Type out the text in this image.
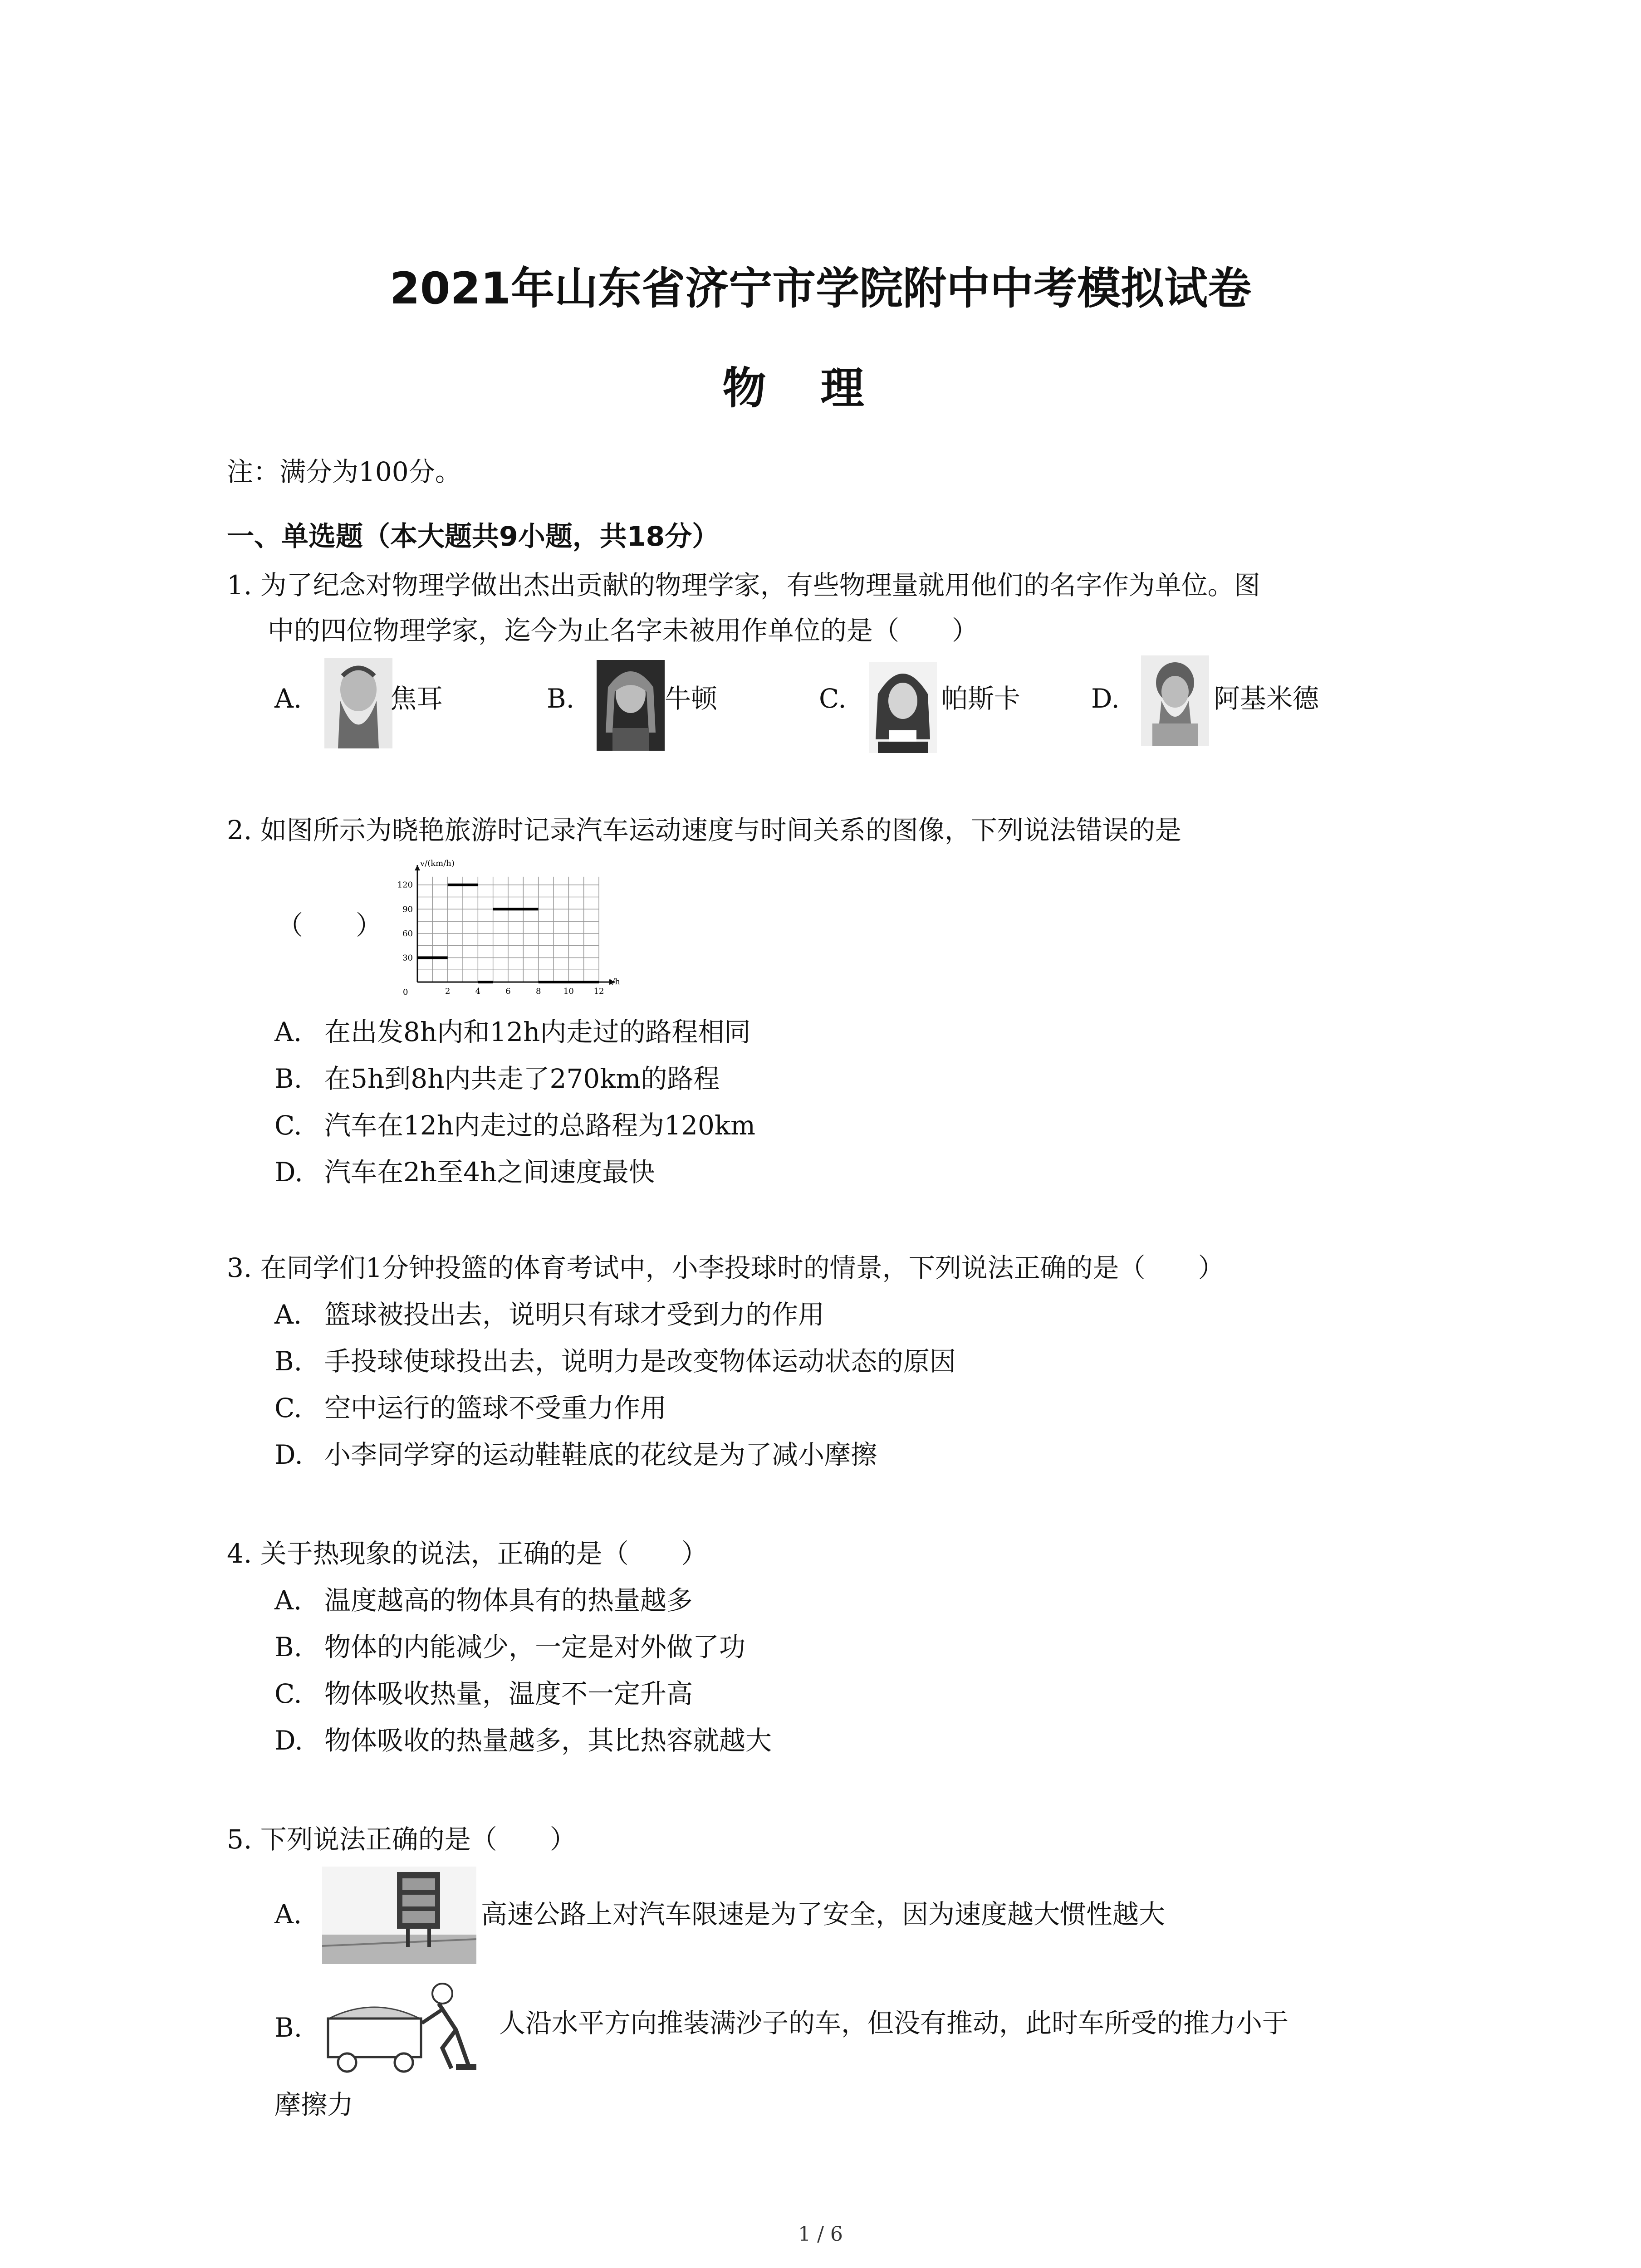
2021年山东省济宁市学院附中中考模拟试卷
物理
注：满分为100分。
一、单选题（本大题共9小题，共18分）
1. 为了纪念对物理学做出杰出贡献的物理学家，有些物理量就用他们的名字作为单位。图
中的四位物理学家，迄今为止名字未被用作单位的是（　　）
A.	焦耳	B.	牛顿	C.	帕斯卡	D.	阿基米德
2. 如图所示为晓艳旅游时记录汽车运动速度与时间关系的图像，下列说法错误的是
（　　）
2	4	6	8	10 12
30
60
90
120
v/(km/h)
t/h
0
A. 在出发8h内和12h内走过的路程相同
B. 在5h到8h内共走了270km的路程
C. 汽车在12h内走过的总路程为120km
D. 汽车在2h至4h之间速度最快
3. 在同学们1分钟投篮的体育考试中，小李投球时的情景，下列说法正确的是（　　）
A. 篮球被投出去，说明只有球才受到力的作用
B. 手投球使球投出去，说明力是改变物体运动状态的原因
C. 空中运行的篮球不受重力作用
D. 小李同学穿的运动鞋鞋底的花纹是为了减小摩擦
4. 关于热现象的说法，正确的是（　　）
A. 温度越高的物体具有的热量越多
B. 物体的内能减少，一定是对外做了功
C. 物体吸收热量，温度不一定升高
D. 物体吸收的热量越多，其比热容就越大
5. 下列说法正确的是（　　）
A.	高速公路上对汽车限速是为了安全，因为速度越大惯性越大
B.	人沿水平方向推装满沙子的车，但没有推动，此时车所受的推力小于
摩擦力
1 / 6
